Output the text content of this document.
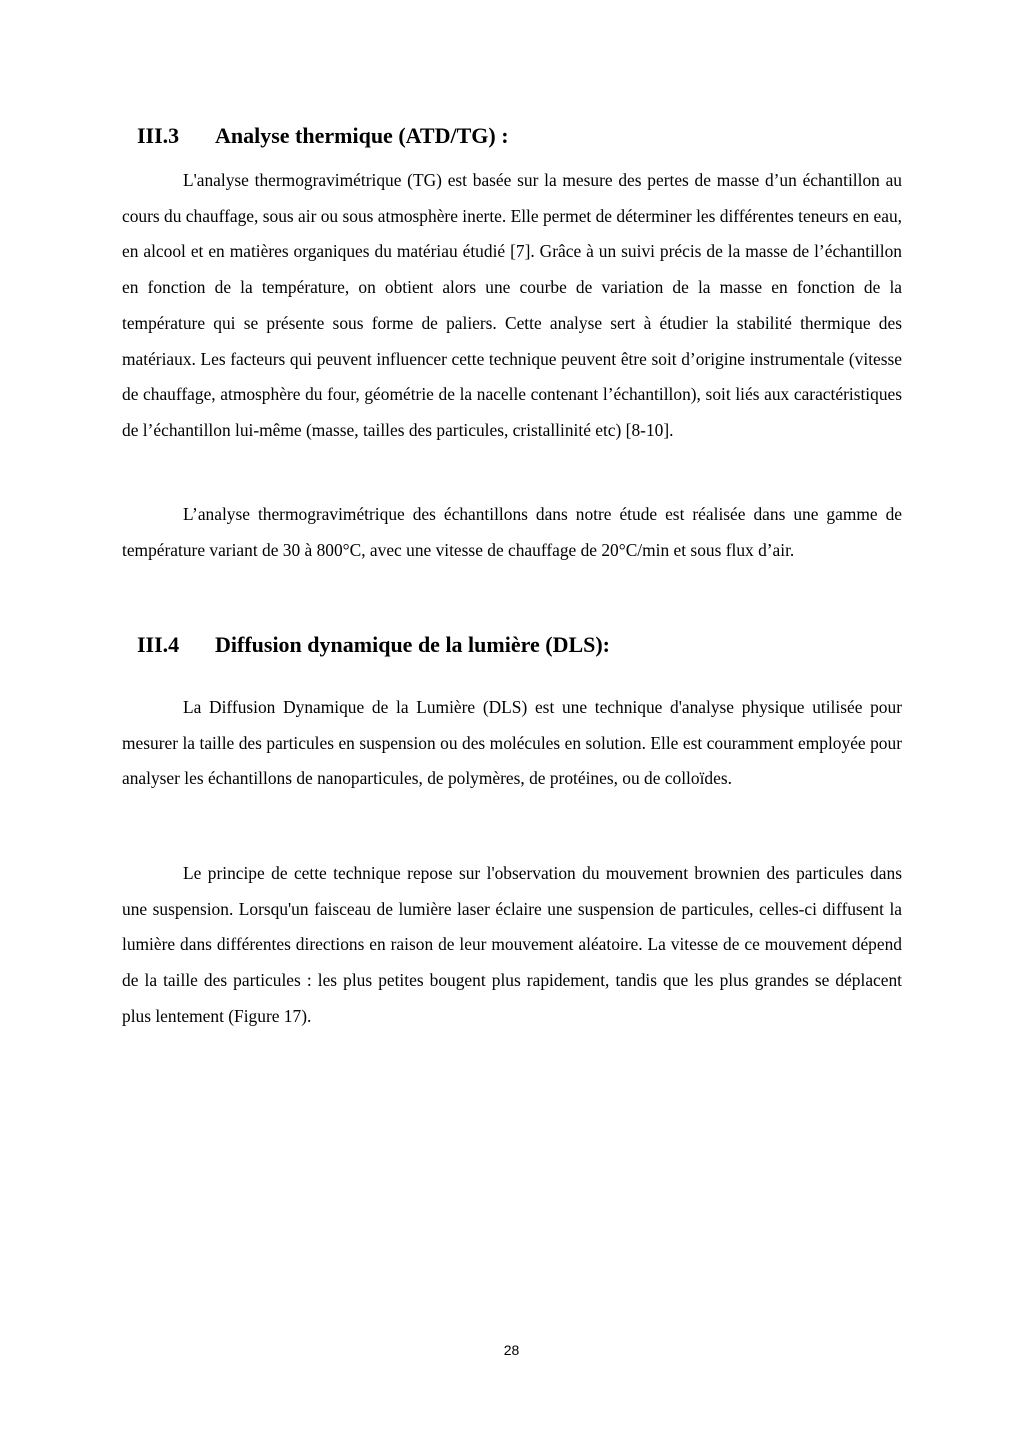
III.3 Analyse thermique (ATD/TG) :

L'analyse thermogravimétrique (TG) est basée sur la mesure des pertes de masse d’un échantillon au cours du chauffage, sous air ou sous atmosphère inerte. Elle permet de déterminer les différentes teneurs en eau, en alcool et en matières organiques du matériau étudié [7]. Grâce à un suivi précis de la masse de l’échantillon en fonction de la température, on obtient alors une courbe de variation de la masse en fonction de la température qui se présente sous forme de paliers. Cette analyse sert à étudier la stabilité thermique des matériaux. Les facteurs qui peuvent influencer cette technique peuvent être soit d’origine instrumentale (vitesse de chauffage, atmosphère du four, géométrie de la nacelle contenant l’échantillon), soit liés aux caractéristiques de l’échantillon lui-même (masse, tailles des particules, cristallinité etc) [8-10].

L’analyse thermogravimétrique des échantillons dans notre étude est réalisée dans une gamme de température variant de 30 à 800°C, avec une vitesse de chauffage de 20°C/min et sous flux d’air.

III.4 Diffusion dynamique de la lumière (DLS):

La Diffusion Dynamique de la Lumière (DLS) est une technique d'analyse physique utilisée pour mesurer la taille des particules en suspension ou des molécules en solution. Elle est couramment employée pour analyser les échantillons de nanoparticules, de polymères, de protéines, ou de colloïdes.

Le principe de cette technique repose sur l'observation du mouvement brownien des particules dans une suspension. Lorsqu'un faisceau de lumière laser éclaire une suspension de particules, celles-ci diffusent la lumière dans différentes directions en raison de leur mouvement aléatoire. La vitesse de ce mouvement dépend de la taille des particules : les plus petites bougent plus rapidement, tandis que les plus grandes se déplacent plus lentement (Figure 17).

28
